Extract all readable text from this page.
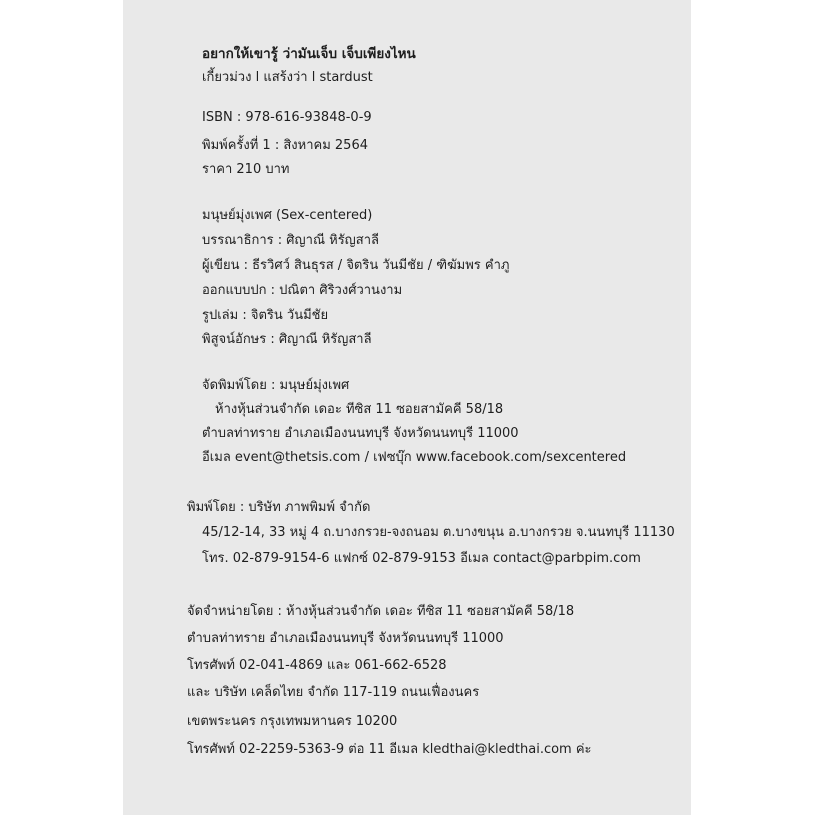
อยากให้เขารู้ ว่ามันเจ็บ เจ็บเพียงไหน
เกี้ยวม่วง l แสร้งว่า l stardust
ISBN : 978-616-93848-0-9
พิมพ์ครั้งที่ 1 : สิงหาคม 2564
ราคา 210 บาท
มนุษย์มุ่งเพศ (Sex-centered)
บรรณาธิการ : ศิญาณี หิรัญสาลี
ผู้เขียน : ธีรวิศว์ สินธุรส / จิตริน วันมีชัย / ฑิฆัมพร คำภู
ออกแบบปก : ปณิตา ศิริวงศ์วานงาม
รูปเล่ม : จิตริน วันมีชัย
พิสูจน์อักษร : ศิญาณี หิรัญสาลี
จัดพิมพ์โดย : มนุษย์มุ่งเพศ
ห้างหุ้นส่วนจำกัด เดอะ ทีซิส 11 ซอยสามัคคี 58/18
ตำบลท่าทราย อำเภอเมืองนนทบุรี จังหวัดนนทบุรี 11000
อีเมล event@thetsis.com / เฟซบุ๊ก www.facebook.com/sexcentered
พิมพ์โดย : บริษัท ภาพพิมพ์ จำกัด
45/12-14, 33 หมู่ 4 ถ.บางกรวย-จงถนอม ต.บางขนุน อ.บางกรวย จ.นนทบุรี 11130
โทร. 02-879-9154-6 แฟกซ์ 02-879-9153 อีเมล contact@parbpim.com
จัดจำหน่ายโดย : ห้างหุ้นส่วนจำกัด เดอะ ทีซิส 11 ซอยสามัคคี 58/18
ตำบลท่าทราย อำเภอเมืองนนทบุรี จังหวัดนนทบุรี 11000
โทรศัพท์ 02-041-4869 และ 061-662-6528
และ บริษัท เคล็ดไทย จำกัด 117-119 ถนนเฟื่องนคร
เขตพระนคร กรุงเทพมหานคร 10200
โทรศัพท์ 02-2259-5363-9 ต่อ 11 อีเมล kledthai@kledthai.com ค่ะ
